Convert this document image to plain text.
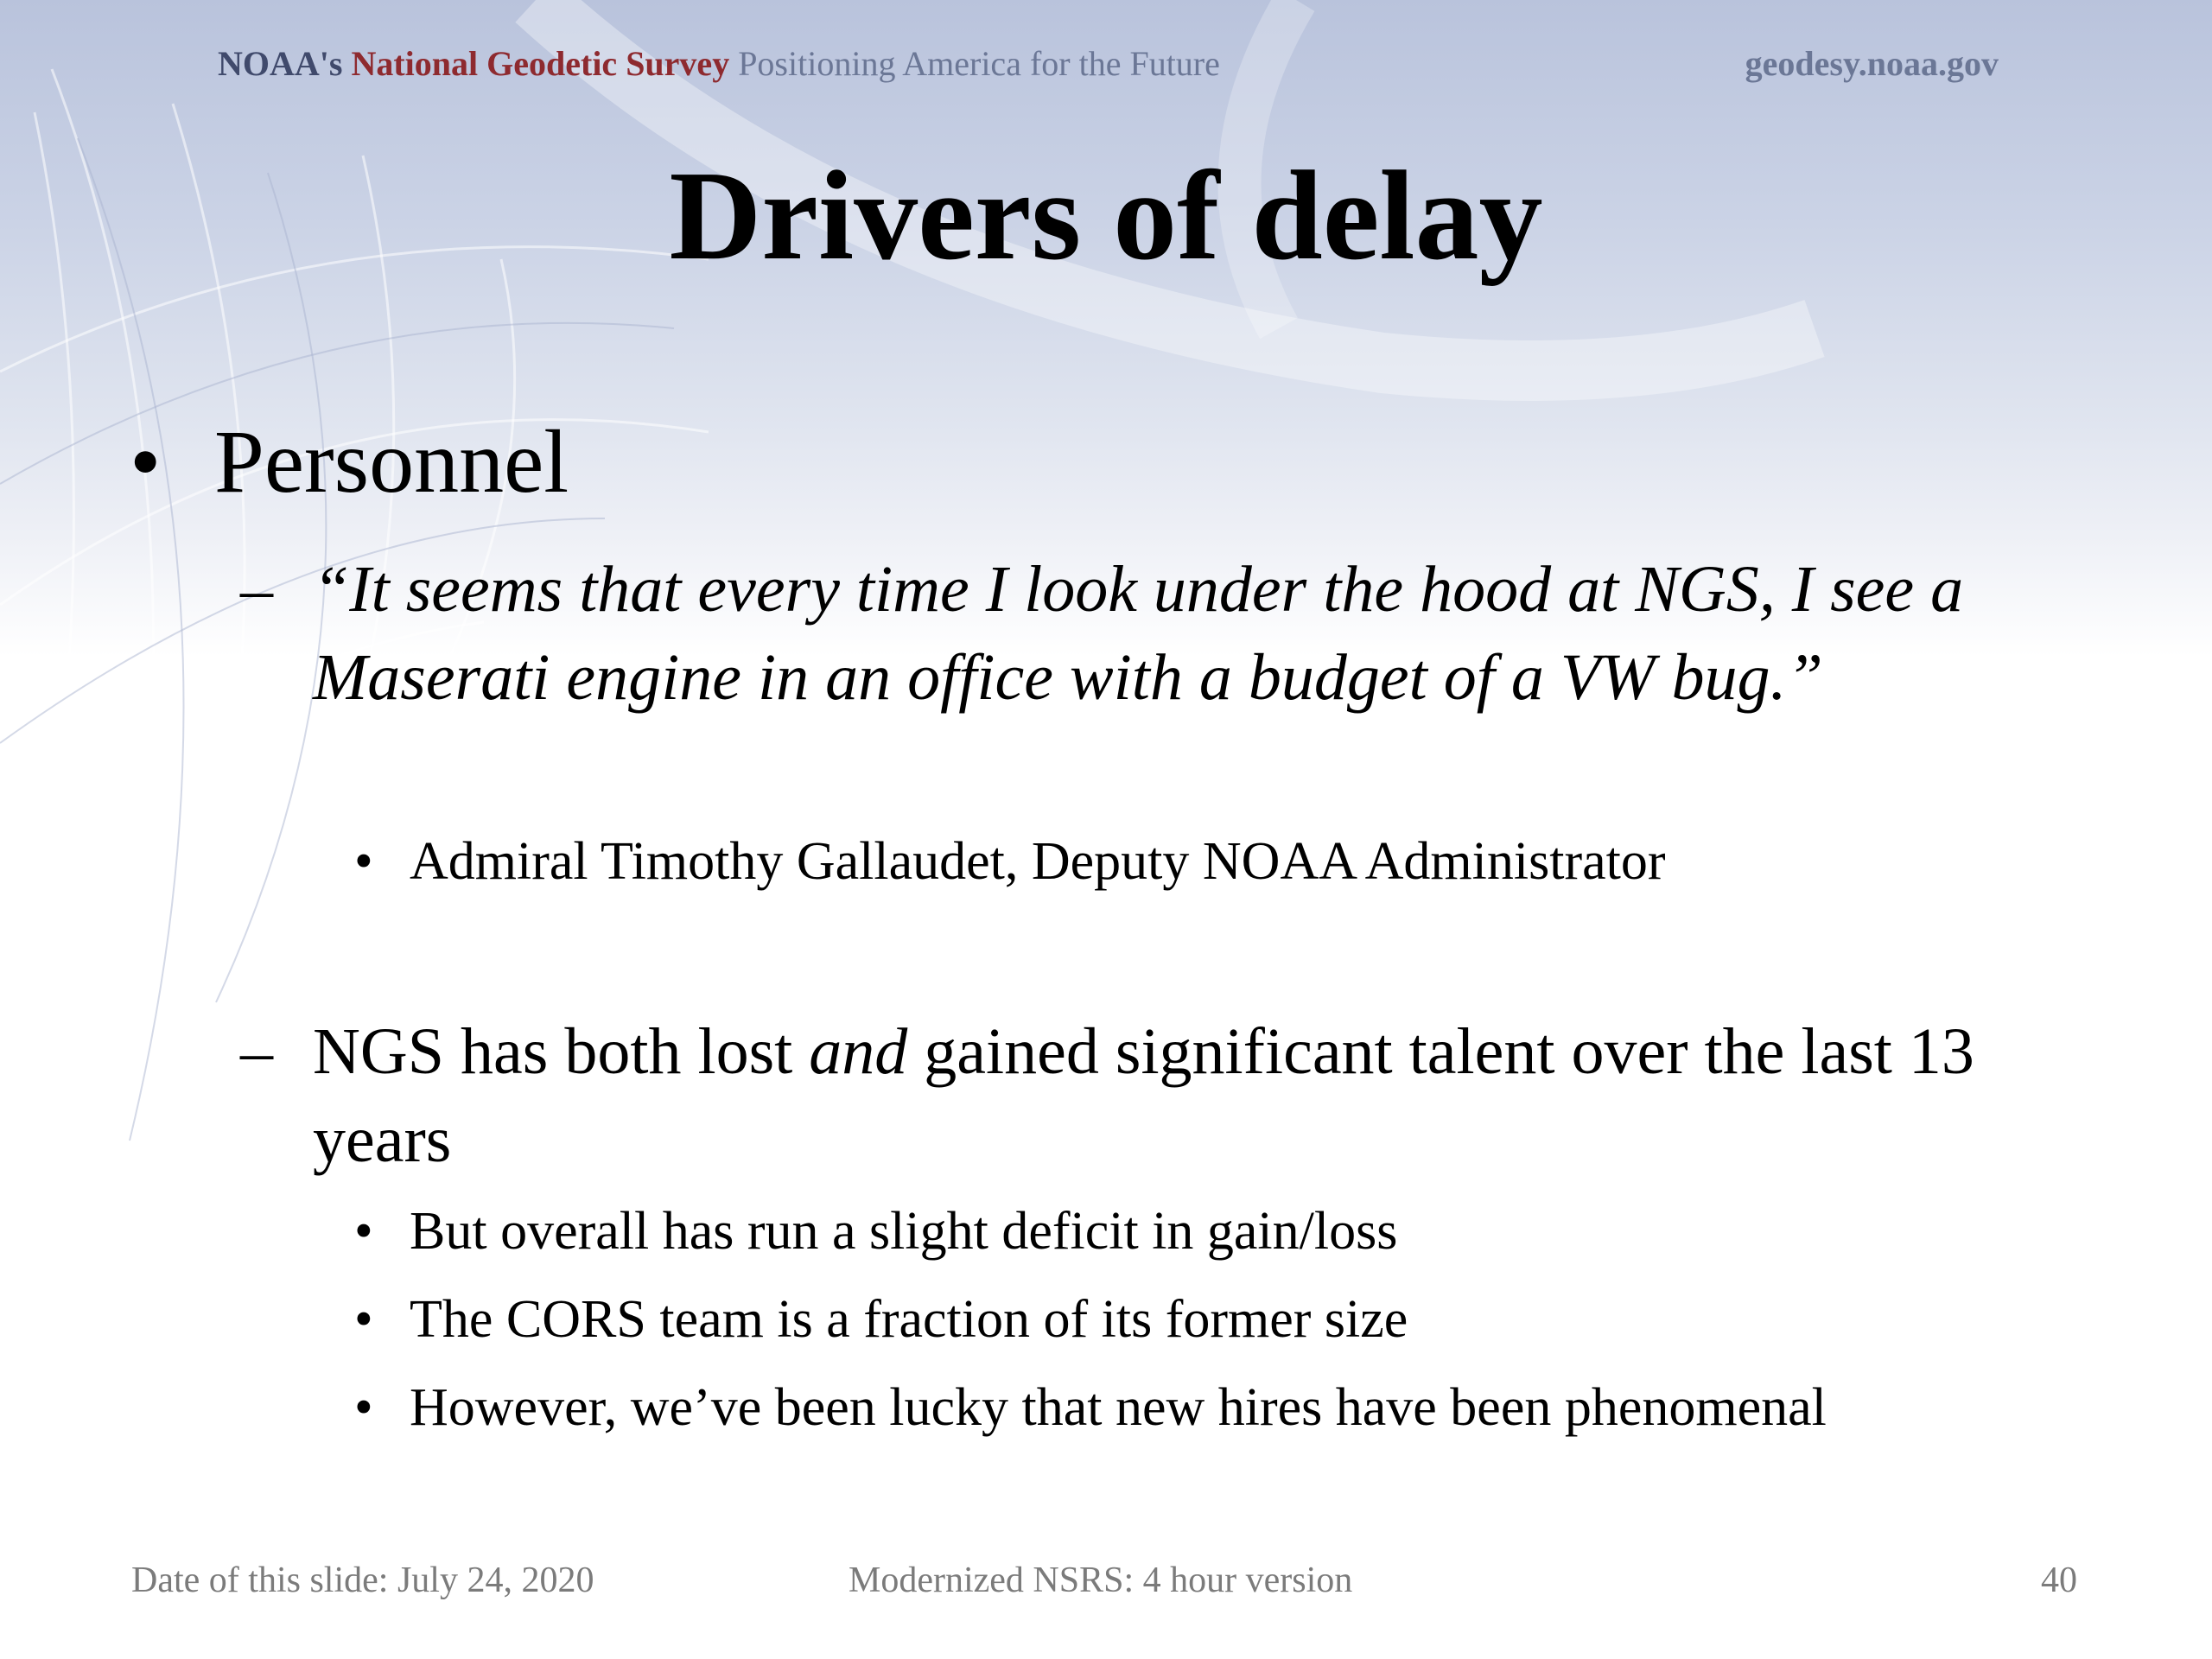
NOAA's National Geodetic Survey Positioning America for the Future	geodesy.noaa.gov
Drivers of delay
• Personnel
– “It seems that every time I look under the hood at NGS, I see a Maserati engine in an office with a budget of a VW bug.”
• Admiral Timothy Gallaudet, Deputy NOAA Administrator
– NGS has both lost and gained significant talent over the last 13 years
• But overall has run a slight deficit in gain/loss
• The CORS team is a fraction of its former size
• However, we’ve been lucky that new hires have been phenomenal
Date of this slide: July 24, 2020	Modernized NSRS: 4 hour version	40
